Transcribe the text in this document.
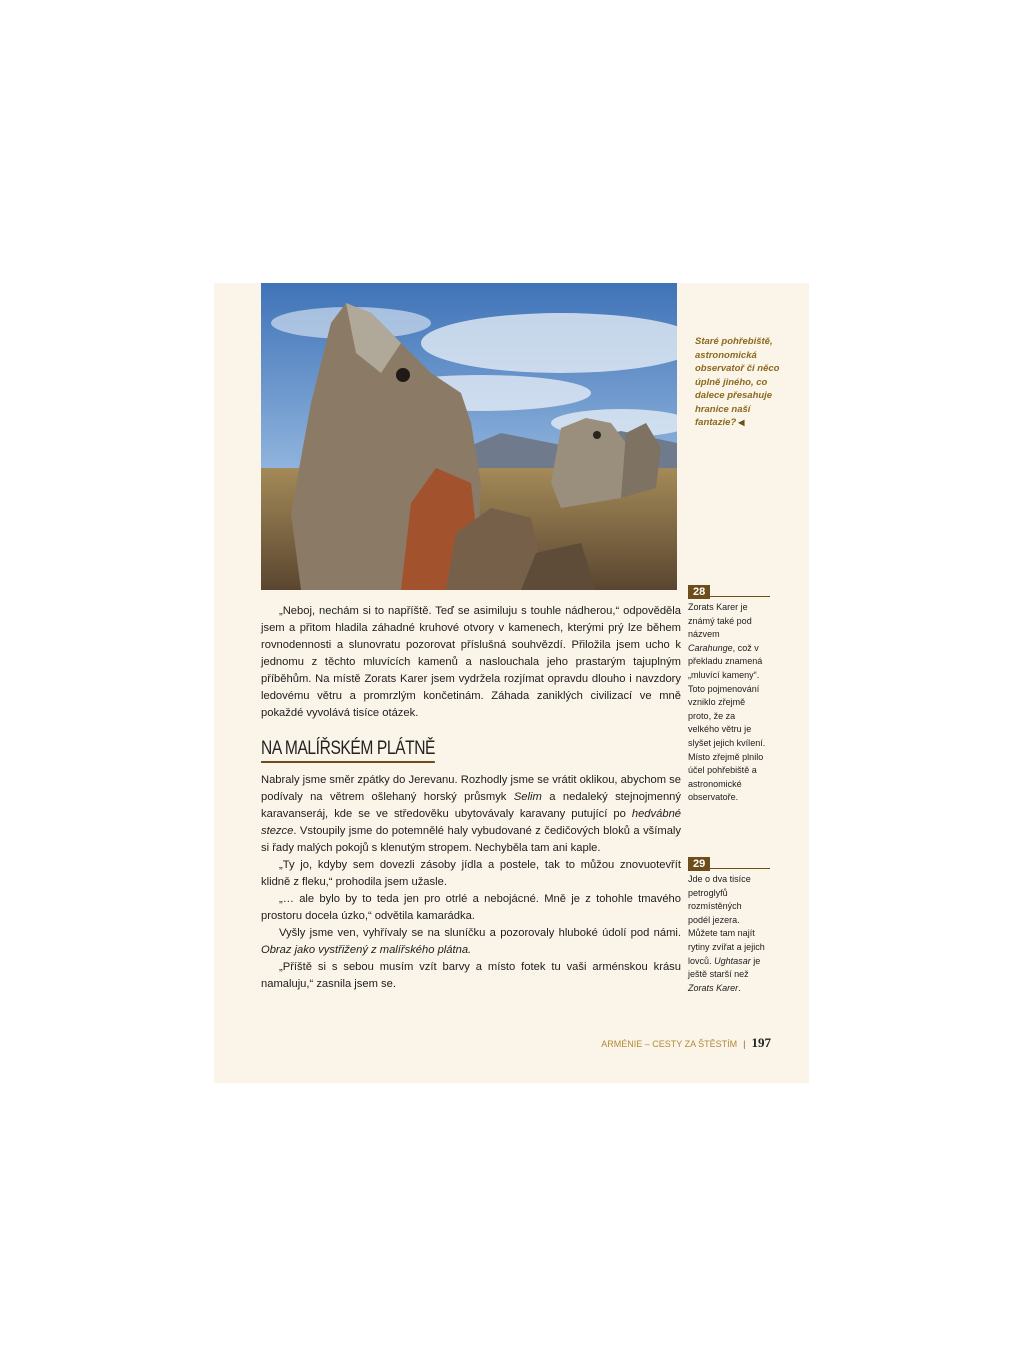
Staré pohřebiště, astronomická observatoř či něco úplně jiného, co dalece přesahuje hranice naší fantazie? ◀

„Neboj, nechám si to napříště. Teď se asimiluju s touhle nádherou,“ odpověděla jsem a přitom hladila záhadné kruhové otvory v kamenech, kterými prý lze během rovnodennosti a slunovratu pozorovat příslušná souhvězdí. Přiložila jsem ucho k jednomu z těchto mluvících kamenů a naslouchala jeho prastarým tajuplným příběhům. Na místě Zorats Karer jsem vydržela rozjímat opravdu dlouho i navzdory ledovému větru a promrzlým končetinám. Záhada zaniklých civilizací ve mně pokaždé vyvolává tisíce otázek.

NA MALÍŘSKÉM PLÁTNĚ

Nabraly jsme směr zpátky do Jerevanu. Rozhodly jsme se vrátit oklikou, abychom se podívaly na větrem ošlehaný horský průsmyk Selim a nedaleký stejnojmenný karavanseráj, kde se ve středověku ubytovávaly karavany putující po hedvábné stezce. Vstoupily jsme do potemnělé haly vybudované z čedičových bloků a všímaly si řady malých pokojů s klenutým stropem. Nechyběla tam ani kaple.

„Ty jo, kdyby sem dovezli zásoby jídla a postele, tak to můžou znovuotevřít klidně z fleku,“ prohodila jsem užasle.

„… ale bylo by to teda jen pro otrlé a nebojácné. Mně je z tohohle tmavého prostoru docela úzko,“ odvětila kamarádka.

Vyšly jsme ven, vyhřívaly se na sluníčku a pozorovaly hluboké údolí pod námi. Obraz jako vystřižený z malířského plátna.

„Příště si s sebou musím vzít barvy a místo fotek tu vaši arménskou krásu namaluju,“ zasnila jsem se.

28
Zorats Karer je známý také pod názvem Carahunge, což v překladu znamená „mluvící kameny“. Toto pojmenování vzniklo zřejmě proto, že za velkého větru je slyšet jejich kvílení. Místo zřejmě plnilo účel pohřebiště a astronomické observatoře.
29
Jde o dva tisíce petroglyfů rozmístěných podél jezera. Můžete tam najít rytiny zvířat a jejich lovců. Ughtasar je ještě starší než Zorats Karer.
ARMÉNIE – CESTY ZA ŠTĚSTÍM | 197
